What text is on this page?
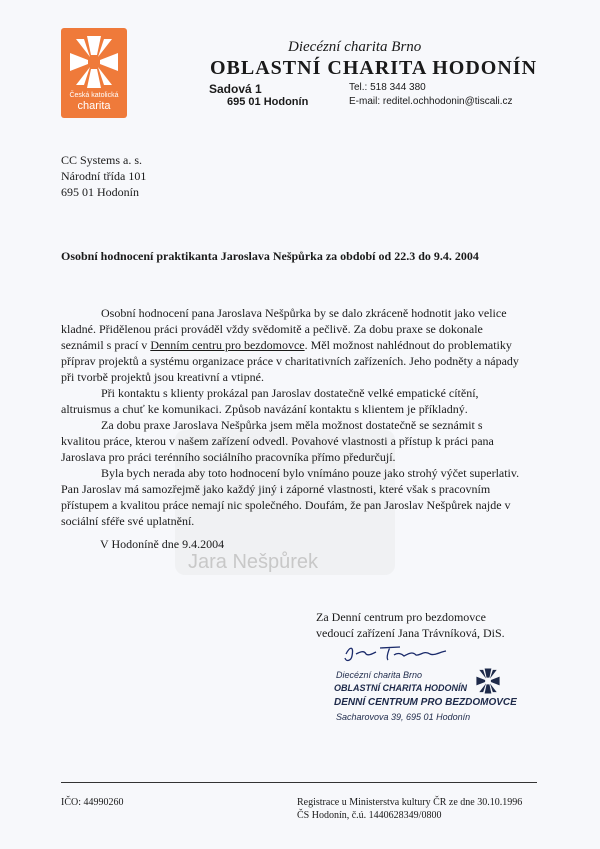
Česká katolická
charita
Diecézní charita Brno
OBLASTNÍ CHARITA HODONÍN
Sadová 1
695 01 Hodonín
Tel.: 518 344 380
E-mail: reditel.ochhodonin@tiscali.cz
CC Systems a. s.
Národní třída 101
695 01 Hodonín
Osobní hodnocení praktikanta Jaroslava Nešpůrka za období od 22.3 do 9.4. 2004
Jara Nešpůrek

Osobní hodnocení pana Jaroslava Nešpůrka by se dalo zkráceně hodnotit jako velice kladné. Přidělenou práci prováděl vždy svědomitě a pečlivě. Za dobu praxe se dokonale seznámil s prací v Denním centru pro bezdomovce. Měl možnost nahlédnout do problematiky příprav projektů a systému organizace práce v charitativních zařízeních. Jeho podněty a nápady při tvorbě projektů jsou kreativní a vtipné.

Při kontaktu s klienty prokázal pan Jaroslav dostatečně velké empatické cítění, altruismus a chuť ke komunikaci. Způsob navázání kontaktu s klientem je příkladný.

Za dobu praxe Jaroslava Nešpůrka jsem měla možnost dostatečně se seznámit s kvalitou práce, kterou v našem zařízení odvedl. Povahové vlastnosti a přístup k práci pana Jaroslava pro práci terénního sociálního pracovníka přímo předurčují.

Byla bych nerada aby toto hodnocení bylo vnímáno pouze jako strohý výčet superlativ. Pan Jaroslav má samozřejmě jako každý jiný i záporné vlastnosti, které však s pracovním přístupem a kvalitou práce nemají nic společného. Doufám, že pan Jaroslav Nešpůrek najde v sociální sféře své uplatnění.

V Hodoníně dne 9.4.2004
Za Denní centrum pro bezdomovce
vedoucí zařízení Jana Trávníková, DiS.
Diecézní charita Brno
OBLASTNÍ CHARITA HODONÍN
DENNÍ CENTRUM PRO BEZDOMOVCE
Sacharovova 39, 695 01 Hodonín
IČO: 44990260	Registrace u Ministerstva kultury ČR ze dne 30.10.1996
ČS Hodonín, č.ú. 1440628349/0800
